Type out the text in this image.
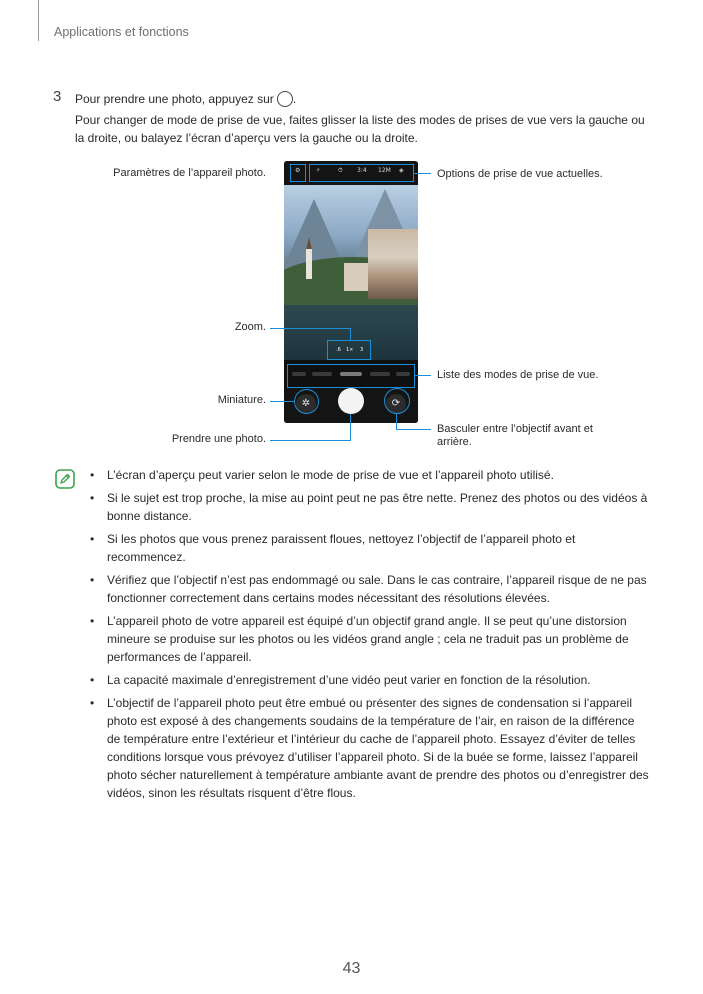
Applications et fonctions
3 Pour prendre une photo, appuyez sur .
Pour changer de mode de prise de vue, faites glisser la liste des modes de prises de vue vers la gauche ou la droite, ou balayez l’écran d’aperçu vers la gauche ou la droite.
⚙	⚡	⏱ 3:4 12M ◈
.6 1× 3
✲	⟳
Paramètres de l’appareil photo.	Options de prise de vue actuelles.
Zoom.
Liste des modes de prise de vue.
Miniature.
Prendre une photo.
Basculer entre l’objectif avant et arrière.
• L’écran d’aperçu peut varier selon le mode de prise de vue et l’appareil photo utilisé.
• Si le sujet est trop proche, la mise au point peut ne pas être nette. Prenez des photos ou des vidéos à bonne distance.
• Si les photos que vous prenez paraissent floues, nettoyez l’objectif de l’appareil photo et recommencez.
• Vérifiez que l’objectif n’est pas endommagé ou sale. Dans le cas contraire, l’appareil risque de ne pas fonctionner correctement dans certains modes nécessitant des résolutions élevées.
• L’appareil photo de votre appareil est équipé d’un objectif grand angle. Il se peut qu’une distorsion mineure se produise sur les photos ou les vidéos grand angle ; cela ne traduit pas un problème de performances de l’appareil.
• La capacité maximale d’enregistrement d’une vidéo peut varier en fonction de la résolution.
• L’objectif de l’appareil photo peut être embué ou présenter des signes de condensation si l’appareil photo est exposé à des changements soudains de la température de l’air, en raison de la différence de température entre l’extérieur et l’intérieur du cache de l’appareil photo. Essayez d’éviter de telles conditions lorsque vous prévoyez d’utiliser l’appareil photo. Si de la buée se forme, laissez l’appareil photo sécher naturellement à température ambiante avant de prendre des photos ou d’enregistrer des vidéos, sinon les résultats risquent d’être flous.
43
